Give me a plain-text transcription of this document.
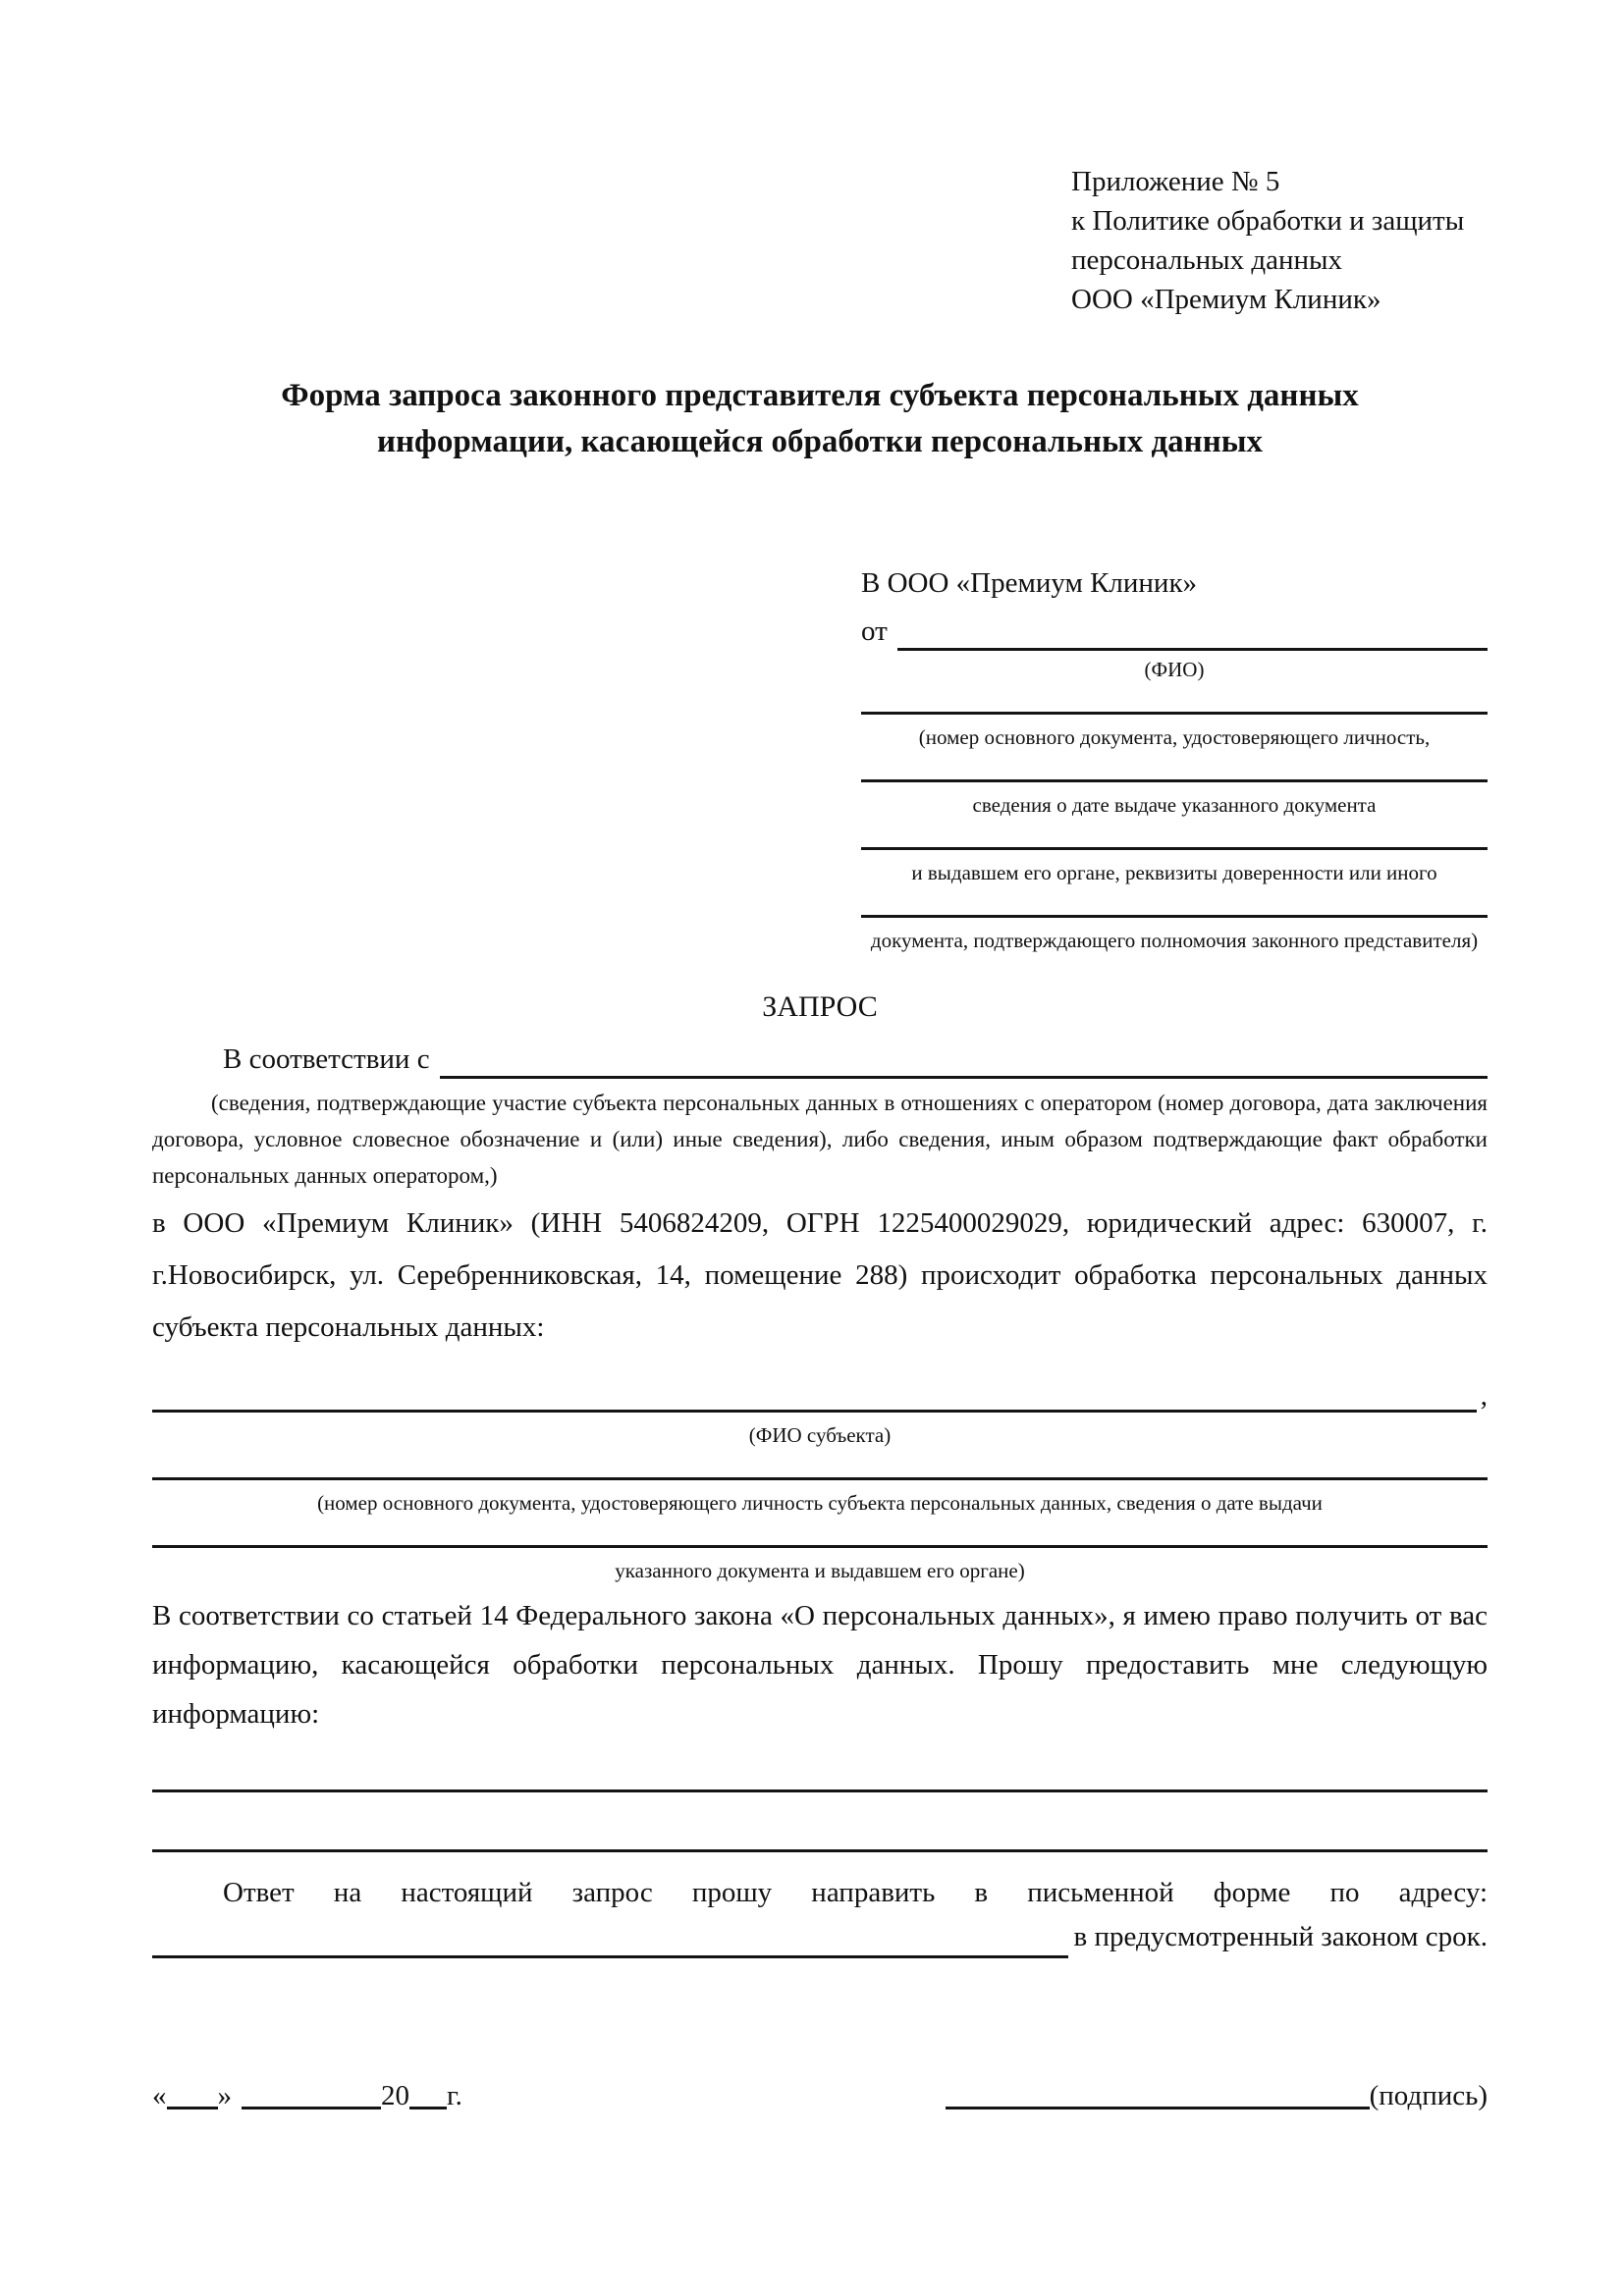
Приложение № 5
к Политике обработки и защиты
персональных данных
ООО «Премиум Клиник»
Форма запроса законного представителя субъекта персональных данных
информации, касающейся обработки персональных данных
В ООО «Премиум Клиник»
от
(ФИО)
(номер основного документа, удостоверяющего личность,
сведения о дате выдаче указанного документа
и выдавшем его органе, реквизиты доверенности или иного
документа, подтверждающего полномочия законного представителя)
ЗАПРОС
В соответствии с
(сведения, подтверждающие участие субъекта персональных данных в отношениях с оператором (номер договора, дата заключения договора, условное словесное обозначение и (или) иные сведения), либо сведения, иным образом подтверждающие факт обработки персональных данных оператором,)

в ООО «Премиум Клиник» (ИНН 5406824209, ОГРН 1225400029029, юридический адрес: 630007, г. г.Новосибирск, ул. Серебренниковская, 14, помещение 288) происходит обработка персональных данных субъекта персональных данных:

,
(ФИО субъекта)
(номер основного документа, удостоверяющего личность субъекта персональных данных, сведения о дате выдачи
указанного документа и выдавшем его органе)

В соответствии со статьей 14 Федерального закона «О персональных данных», я имею право получить от вас информацию, касающейся обработки персональных данных. Прошу предоставить мне следующую информацию:

Ответ на настоящий запрос прошу направить в письменной форме по адресу:
в предусмотренный законом срок.
« »	20 г.	(подпись)
